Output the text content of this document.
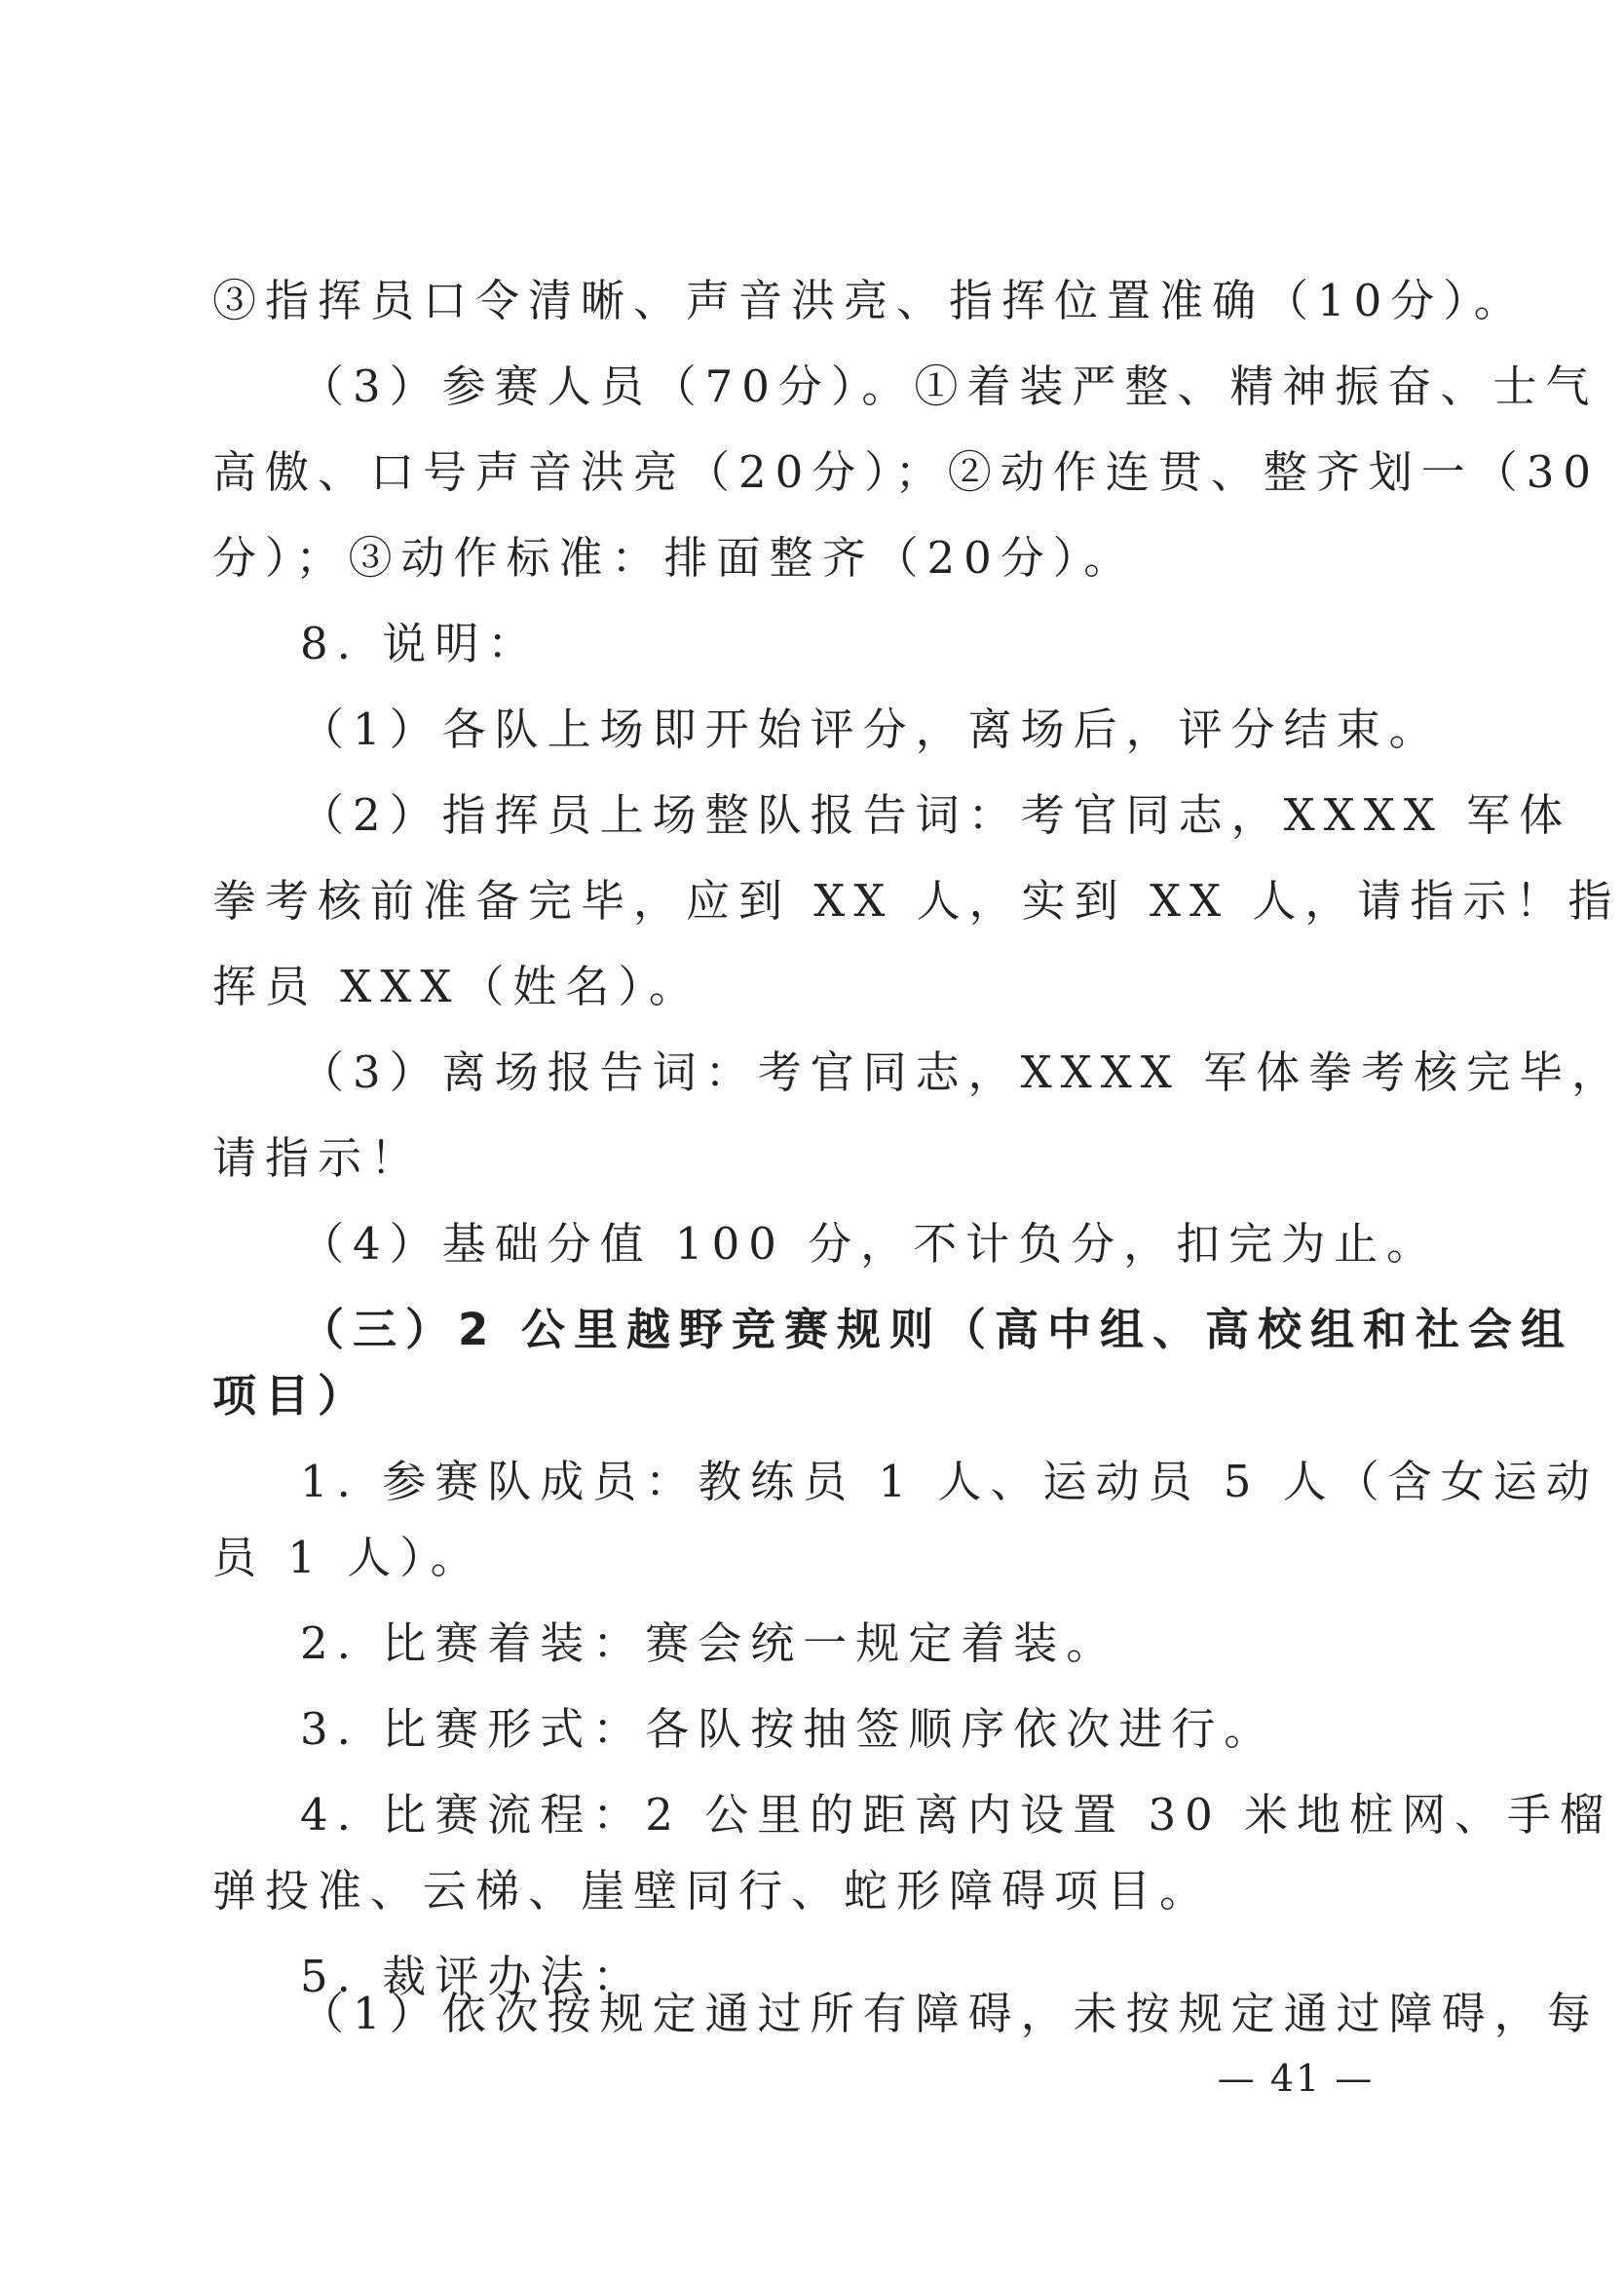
③指挥员口令清晰、声音洪亮、指挥位置准确（10分）。
（3）参赛人员（70分）。①着装严整、精神振奋、士气
高傲、口号声音洪亮（20分）；②动作连贯、整齐划一（30
分）；③动作标准：排面整齐（20分）。
8. 说明：
（1）各队上场即开始评分，离场后，评分结束。
（2）指挥员上场整队报告词：考官同志，XXXX 军体
拳考核前准备完毕，应到 XX 人，实到 XX 人，请指示！指
挥员 XXX（姓名）。
（3）离场报告词：考官同志，XXXX 军体拳考核完毕，
请指示！
（4）基础分值 100 分，不计负分，扣完为止。
（三）2 公里越野竞赛规则（高中组、高校组和社会组
项目）
1. 参赛队成员：教练员 1 人、运动员 5 人（含女运动
员 1 人）。
2. 比赛着装：赛会统一规定着装。
3. 比赛形式：各队按抽签顺序依次进行。
4. 比赛流程：2 公里的距离内设置 30 米地桩网、手榴
弹投准、云梯、崖壁同行、蛇形障碍项目。
5. 裁评办法：
（1）依次按规定通过所有障碍，未按规定通过障碍，每
— 41 —
